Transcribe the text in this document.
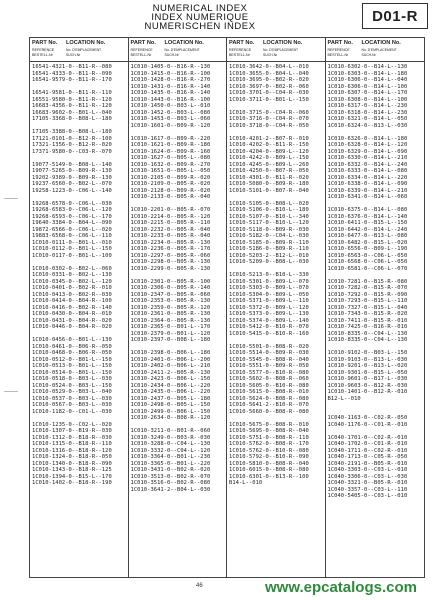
NUMERICAL INDEX
INDEX NUMERIQUE
NUMERISCHEN INDEX
D01-R
PART No. LOCATION No.
REFERENCE
BESTELL-Nr
No. D'EMPLACEMENT
SUCH-Nr
16541-4321-0--B11-R--080
16541-4333-0--B11-R--090
16541-9579-0--B11-R--170
16541-9581-0--B11-R--110
16551-9580-0--B11-R--120
16683-4356-0--B11-R--120
16683-9602-0--B01-L--040
17105-3368-0--B08-L--180
17105-3388-0--B08-L--180
17121-0101-0--B12-R--100
17321-1356-0--B12-R--020
17371-9580-0--C03-R--070
19077-5149-0--B08-L--140
19077-5265-0--B09-R--130
19202-9389-0--B09-R--130
19237-6560-0--B02-L--070
19258-1223-0--C06-L--140
19268-6578-0--C06-L--030
19268-6583-0--C06-L--120
19268-6593-0--C06-L--170
19640-3384-0--B04-L--090
19872-6566-0--C06-L--020
19883-6568-0--C06-L--110
1C010-0111-0--B01-L--010
1C010-0112-0--B01-L--150
1C010-0117-0--B01-L--100
1C010-0302-0--B02-L--060
1C010-0331-0--B02-L--130
1C010-0345-0--B02-L--120
1C010-0401-0--B02-R--010
1C010-0413-0--B02-R--030
1C010-0414-0--B04-R--100
1C010-0416-0--B02-R--140
1C010-0430-0--B04-R--010
1C010-0431-0--B04-R--020
1C010-0446-0--B04-R--020
1C010-0456-0--B01-L--130
1C010-0461-0--B06-R--050
1C010-0468-0--B06-R--050
1C010-0512-0--B01-L--150
1C010-0513-0--B01-L--150
1C010-0514-0--B01-L--150
1C010-0518-0--B03-L--030
1C010-0524-0--B03-L--150
1C010-0529-0--B03-L--040
1C010-0537-0--B03-L--030
1C010-0567-0--B03-L--030
1C010-1182-0--C01-L--030
1C010-1235-0--C02-L--020
1C010-1307-0--B19-R--030
1C010-1312-0--B18-R--030
1C010-1315-0--B18-R--110
1C010-1316-0--B18-R--120
1C010-1324-0--B18-R--050
1C010-1340-0--B18-R--090
1C010-1343-0--B18-R--125
1C010-1394-0--B15-L--170
1C010-1402-0--B18-R--190
PART No. LOCATION No.
REFERENCE
BESTELL-Nr
No. D'EMPLACEMENT
SUCH-Nr
1C010-1405-0--B16-R--130
1C010-1415-0--B16-R--100
1C010-1428-0--B16-R--270
1C010-1431-0--B16-R--140
1C010-1435-0--B16-R--140
1C010-1443-0--B16-R--100
1C010-1450-0--B03-L--010
1C010-1452-0--B03-L--080
1C010-1453-0--B03-L--060
1C010-1601-0--B09-R--120
1C010-1617-0--B09-R--220
1C010-1621-0--B09-R--180
1C010-1624-0--B09-R--160
1C010-1627-0--B05-L--080
1C010-1632-0--B09-R--270
1C010-1651-0--B05-L--050
1C010-2105-0--B09-R--020
1C010-2109-0--B05-R--020
1C010-2128-0--B09-R--020
1C010-2133-0--B05-R--040
1C010-2201-0--B05-R--070
1C010-2214-0--B05-R--120
1C010-2215-0--B05-R--110
1C010-2232-0--B05-R--040
1C010-2233-0--B05-R--040
1C010-2234-0--B05-R--130
1C010-2236-0--B05-R--170
1C010-2297-0--B05-R--060
1C010-2298-0--B05-R--130
1C010-2299-0--B05-R--130
1C010-2301-0--B05-R--100
1C010-2306-0--B05-R--140
1C010-2347-0--B05-R--060
1C010-2353-0--B05-R--130
1C010-2359-0--B05-R--120
1C010-2361-0--B05-R--130
1C010-2364-0--B05-R--130
1C010-2365-0--B01-L--170
1C010-2379-0--B01-L--120
1C010-2397-0--B08-L--180
1C010-2398-0--B06-L--180
1C010-2401-0--B06-L--200
1C010-2402-0--B06-L--210
1C010-2411-2--B05-R--130
1C010-2423-0--B06-L--150
1C010-2434-0--B06-L--220
1C010-2435-0--B06-L--220
1C010-2437-0--B05-L--180
1C010-2498-0--B05-L--150
1C010-2499-0--B06-L--150
1C010-2634-0--B08-R--120
1C010-3211-0--B01-R--060
1C010-3249-0--B03-R--030
1C010-3288-0--C04-L--130
1C010-3332-0--C04-L--120
1C010-3364-0--B01-L--230
1C010-3365-0--B01-L--220
1C010-3431-0--B02-R--020
1C010-3513-0--B02-R--070
1C010-3516-0--B02-R--080
1C010-3641-2--B04-L--030
PART No. LOCATION No.
REFERENCE
BESTELL-Nr
No. D'EMPLACEMENT
SUCH-Nr
1C010-3642-0--B04-L--010
1C010-3655-0--B04-L--040
1C010-3695-0--B02-R--020
1C010-3697-0--B02-R--060
1C010-3701-0--C04-R--030
1C010-3711-0--B01-L--150
1C010-3715-0--C04-R--060
1C010-3716-0--C04-R--070
1C010-3718-0--C04-R--050
1C010-4201-2--B07-R--010
1C010-4202-0--B11-R--150
1C010-4204-0--B09-L--120
1C010-4242-0--B09-L--150
1C010-4245-0--B09-L--260
1C010-4250-0--B07-R--050
1C010-4301-0--B11-R--020
1C010-5080-0--B09-R--180
1C010-5101-0--B07-R--040
1C010-5105-0--B08-L--020
1C010-5106-0--B10-L--180
1C010-5107-0--B10-L--340
1C010-5117-0--B10-L--120
1C010-5118-0--B09-R--030
1C010-5182-0--C04-L--030
1C010-5185-0--B09-R--110
1C010-5186-0--B09-R--110
1C010-5203-2--B12-L--010
1C010-5209-0--B08-L--030
1C010-5213-0--B10-L--330
1C010-5301-0--B09-L--070
1C010-5303-0--B09-L--070
1C010-5304-0--B09-L--050
1C010-5371-0--B09-L--110
1C010-5372-0--B09-L--120
1C010-5373-0--B09-L--130
1C010-5374-0--B09-L--140
1C010-5412-0--B10-R--070
1C010-5415-0--B10-R--160
1C010-5501-0--B08-R--020
1C010-5514-0--B09-R--030
1C010-5545-0--B08-R--040
1C010-5551-0--B09-R--050
1C010-5577-0--B10-R--080
1C010-5602-0--B08-R--060
1C010-5605-0--B10-R--080
1C010-5615-0--B08-R--010
1C010-5624-0--B08-R--080
1C010-5641-2--B10-R--070
1C010-5660-0--B08-R--080
1C010-5675-0--B08-R--010
1C010-5695-0--B08-R--040
1C010-5751-0--B08-R--110
1C010-5762-0--B08-R--170
1C010-5762-0--B10-R--080
1C010-5792-0--B10-R--090
1C010-5810-0--B08-R--040
1C010-6015-0--B08-R--080
1C010-6301-0--B13-R--100
B14-L--010
PART No. LOCATION No.
REFERENCE
BESTELL-Nr
No. D'EMPLACEMENT
SUCH-Nr
1C010-6302-0--B14-L--130
1C010-6303-0--B14-L--180
1C010-6306-0--B14-L--040
1C010-6306-0--B14-L--100
1C010-6307-0--B14-L--170
1C010-6308-0--B14-L--100
1C010-6317-0--B14-L--230
1C010-6318-0--B14-L--230
1C010-6321-0--B14-L--050
1C010-6324-0--B13-L--030
1C010-6326-0--B14-L--180
1C010-6328-0--B14-L--120
1C010-6329-0--B14-L--090
1C010-6330-0--B14-L--210
1C010-6332-0--B14-L--240
1C010-6333-0--B14-L--080
1C010-6334-0--B14-L--220
1C010-6338-0--B14-L--090
1C010-6339-0--B14-L--210
1C010-6341-0--B14-L--060
1C010-6375-0--B14-L--080
1C010-6376-0--B14-L--140
1C010-6411-0--B15-L--150
1C010-6442-0--B14-L--240
1C010-6477-0--B13-L--080
1C010-6482-0--B15-L--020
1C010-6556-0--B09-L--190
1C010-6563-0--C06-L--050
1C010-6568-0--C06-L--050
1C010-6581-0--C06-L--070
1C010-7281-0--B15-R--080
1C010-7282-0--B15-R--070
1C010-7292-0--B15-R--090
1C010-7293-0--B15-L--110
1C010-7327-0--B15-L--040
1C010-7343-0--B15-R--020
1C010-7411-0--B15-R--010
1C010-7425-0--B16-R--010
1C010-8335-0--C04-L--130
1C010-8335-0--C04-L--130
1C010-9102-0--B03-L--150
1C010-9103-0--B13-L--030
1C010-9201-0--B13-L--020
1C010-9301-0--B15-L--050
1C010-9601-0--B17-L--030
1C010-9603-0--B12-R--030
1C010-1401-0--B12-R--010
B12-L--010
1C040-1163-0--C02-R--050
1C040-1176-0--C01-R--010
1C040-1701-0--C02-R--010
1C040-1702-0--C01-R--010
1C040-1711-0--C02-R--010
1C040-1713-0--C05-R--050
1C040-2191-0--B05-R--010
1C040-3303-0--C03-L--010
1C040-3306-0--C03-L--030
1C040-3321-0--B05-R--010
1C040-3357-0--C03-L--110
1C040-5405-0--C03-L--010
46	www.epcatalogs.com
